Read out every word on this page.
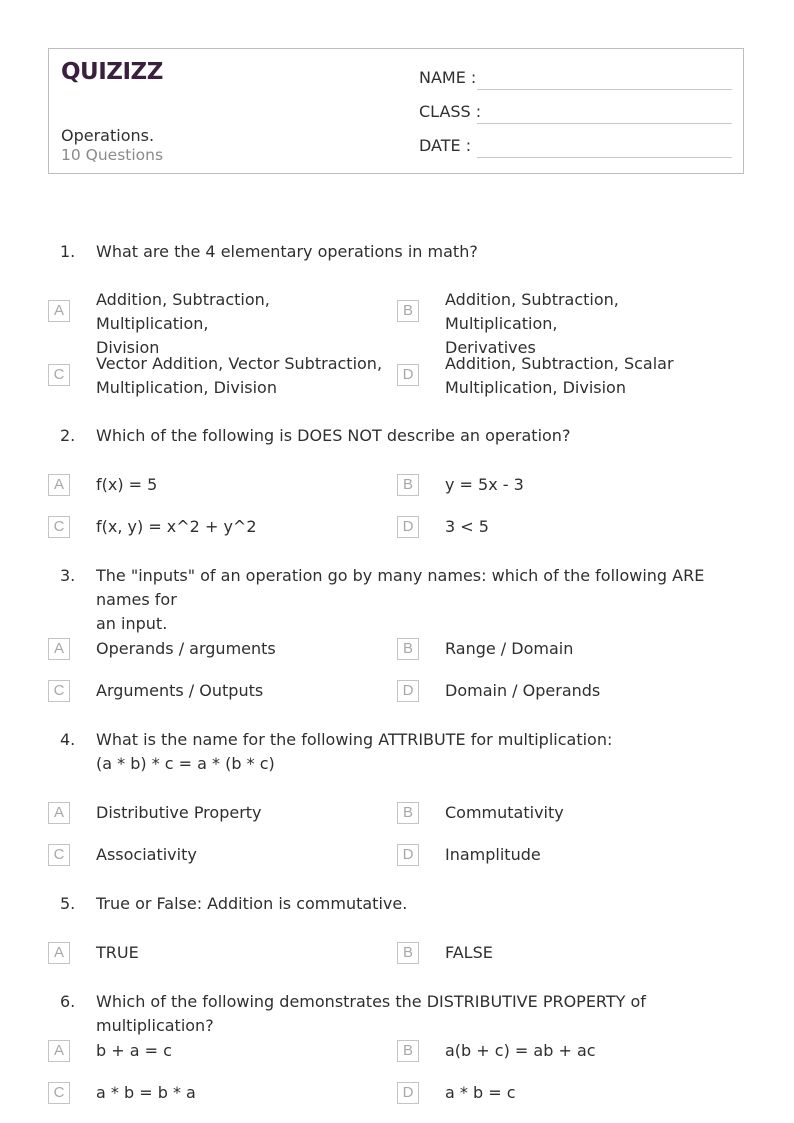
QUIZIZZ
Operations.
10 Questions
NAME :
CLASS :
DATE :
1. What are the 4 elementary operations in math?
A
Addition, Subtraction, Multiplication,
Division
B
Addition, Subtraction, Multiplication,
Derivatives
C
Vector Addition, Vector Subtraction,
Multiplication, Division
D
Addition, Subtraction, Scalar
Multiplication, Division
2. Which of the following is DOES NOT describe an operation?
A	f(x) = 5	B	y = 5x - 3
C	f(x, y) = x^2 + y^2	D	3 < 5
3. The "inputs" of an operation go by many names: which of the following ARE names for
an input.
A	Operands / arguments	B	Range / Domain
C	Arguments / Outputs	D	Domain / Operands
4. What is the name for the following ATTRIBUTE for multiplication:
(a * b) * c = a * (b * c)
A	Distributive Property	B	Commutativity
C	Associativity	D	Inamplitude
5. True or False: Addition is commutative.
A	TRUE	B	FALSE
6. Which of the following demonstrates the DISTRIBUTIVE PROPERTY of multiplication?
A	b + a = c	B	a(b + c) = ab + ac
C	a * b = b * a	D	a * b = c
